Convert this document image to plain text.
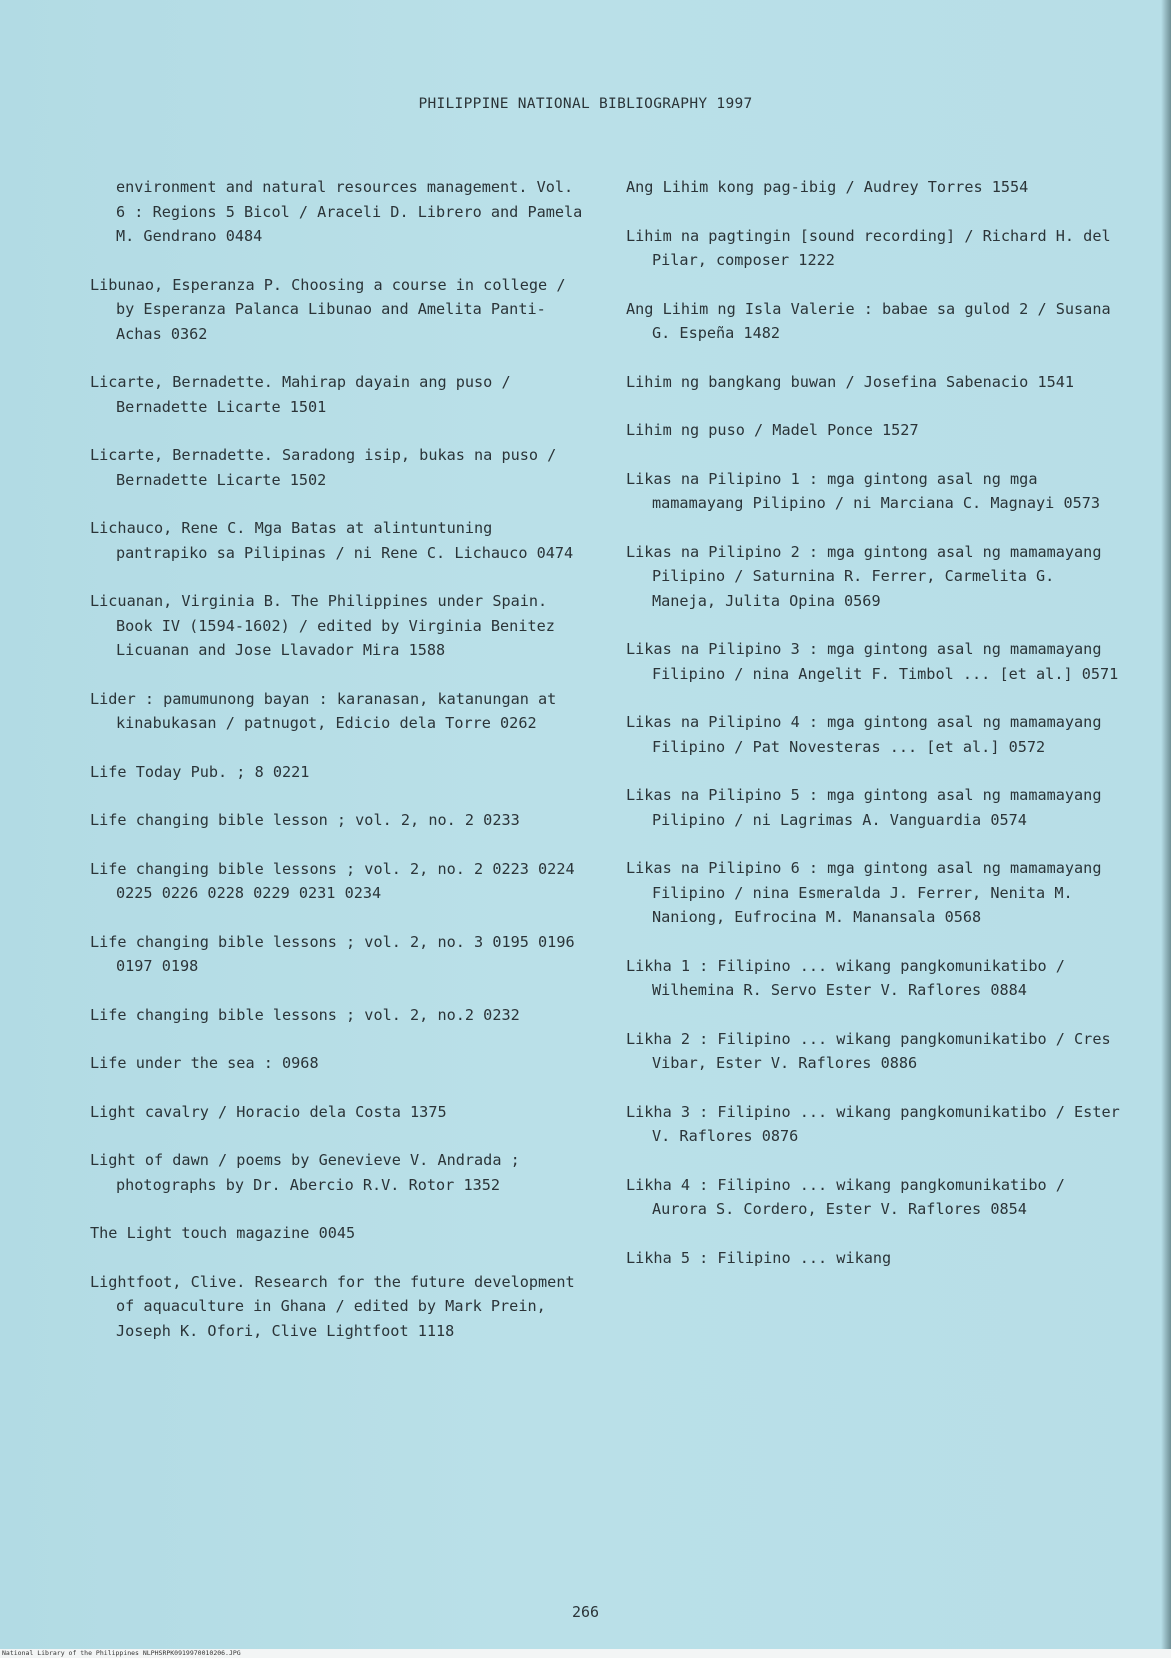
PHILIPPINE NATIONAL BIBLIOGRAPHY 1997

environment and natural resources management. Vol. 6 : Regions 5 Bicol / Araceli D. Librero and Pamela M. Gendrano 0484

Libunao, Esperanza P. Choosing a course in college / by Esperanza Palanca Libunao and Amelita Panti-Achas 0362

Licarte, Bernadette. Mahirap dayain ang puso / Bernadette Licarte 1501

Licarte, Bernadette. Saradong isip, bukas na puso / Bernadette Licarte 1502

Lichauco, Rene C. Mga Batas at alintuntuning pantrapiko sa Pilipinas / ni Rene C. Lichauco 0474

Licuanan, Virginia B. The Philippines under Spain. Book IV (1594-1602) / edited by Virginia Benitez Licuanan and Jose Llavador Mira 1588

Lider : pamumunong bayan : karanasan, katanungan at kinabukasan / patnugot, Edicio dela Torre 0262

Life Today Pub. ; 8 0221

Life changing bible lesson ; vol. 2, no. 2 0233

Life changing bible lessons ; vol. 2, no. 2 0223 0224 0225 0226 0228 0229 0231 0234

Life changing bible lessons ; vol. 2, no. 3 0195 0196 0197 0198

Life changing bible lessons ; vol. 2, no.2 0232

Life under the sea : 0968

Light cavalry / Horacio dela Costa 1375

Light of dawn / poems by Genevieve V. Andrada ; photographs by Dr. Abercio R.V. Rotor 1352

The Light touch magazine 0045

Lightfoot, Clive. Research for the future development of aquaculture in Ghana / edited by Mark Prein, Joseph K. Ofori, Clive Lightfoot 1118

Ang Lihim kong pag-ibig / Audrey Torres 1554

Lihim na pagtingin [sound recording] / Richard H. del Pilar, composer 1222

Ang Lihim ng Isla Valerie : babae sa gulod 2 / Susana G. Espeña 1482

Lihim ng bangkang buwan / Josefina Sabenacio 1541

Lihim ng puso / Madel Ponce 1527

Likas na Pilipino 1 : mga gintong asal ng mga mamamayang Pilipino / ni Marciana C. Magnayi 0573

Likas na Pilipino 2 : mga gintong asal ng mamamayang Pilipino / Saturnina R. Ferrer, Carmelita G. Maneja, Julita Opina 0569

Likas na Pilipino 3 : mga gintong asal ng mamamayang Filipino / nina Angelit F. Timbol ... [et al.] 0571

Likas na Pilipino 4 : mga gintong asal ng mamamayang Filipino / Pat Novesteras ... [et al.] 0572

Likas na Pilipino 5 : mga gintong asal ng mamamayang Pilipino / ni Lagrimas A. Vanguardia 0574

Likas na Pilipino 6 : mga gintong asal ng mamamayang Filipino / nina Esmeralda J. Ferrer, Nenita M. Naniong, Eufrocina M. Manansala 0568

Likha 1 : Filipino ... wikang pangkomunikatibo / Wilhemina R. Servo Ester V. Raflores 0884

Likha 2 : Filipino ... wikang pangkomunikatibo / Cres Vibar, Ester V. Raflores 0886

Likha 3 : Filipino ... wikang pangkomunikatibo / Ester V. Raflores 0876

Likha 4 : Filipino ... wikang pangkomunikatibo / Aurora S. Cordero, Ester V. Raflores 0854

Likha 5 : Filipino ... wikang

266
National Library of the Philippines NLPHSRPK0919970010206.JPG
